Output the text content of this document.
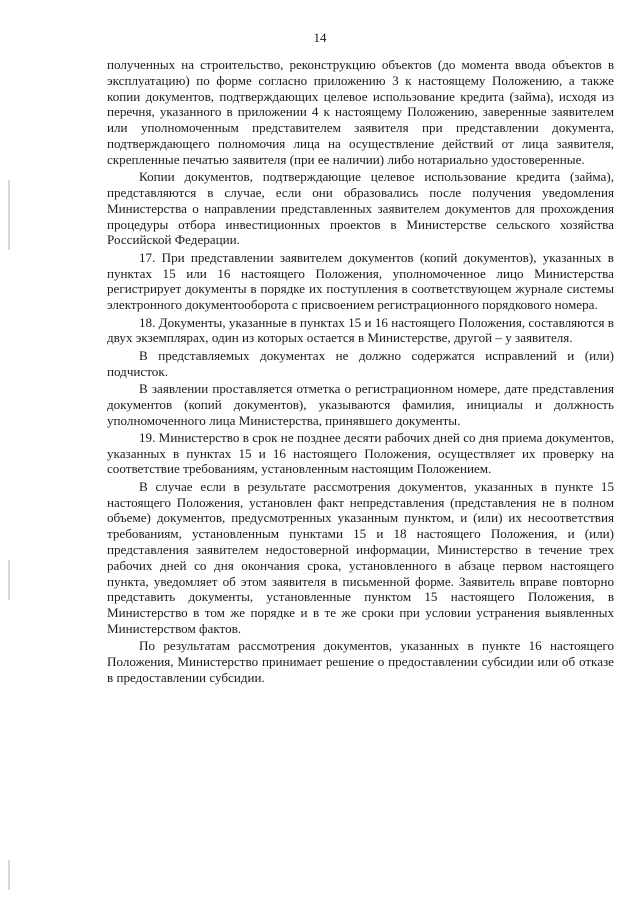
14

полученных на строительство, реконструкцию объектов (до момента ввода объектов в эксплуатацию) по форме согласно приложению 3 к настоящему Положению, а также копии документов, подтверждающих целевое использование кредита (займа), исходя из перечня, указанного в приложении 4 к настоящему Положению, заверенные заявителем или уполномоченным представителем заявителя при представлении документа, подтверждающего полномочия лица на осуществление действий от лица заявителя, скрепленные печатью заявителя (при ее наличии) либо нотариально удостоверенные.

Копии документов, подтверждающие целевое использование кредита (займа), представляются в случае, если они образовались после получения уведомления Министерства о направлении представленных заявителем документов для прохождения процедуры отбора инвестиционных проектов в Министерстве сельского хозяйства Российской Федерации.

17. При представлении заявителем документов (копий документов), указанных в пунктах 15 или 16 настоящего Положения, уполномоченное лицо Министерства регистрирует документы в порядке их поступления в соответствующем журнале системы электронного документооборота с присвоением регистрационного порядкового номера.

18. Документы, указанные в пунктах 15 и 16 настоящего Положения, составляются в двух экземплярах, один из которых остается в Министерстве, другой – у заявителя.

В представляемых документах не должно содержатся исправлений и (или) подчисток.

В заявлении проставляется отметка о регистрационном номере, дате представления документов (копий документов), указываются фамилия, инициалы и должность уполномоченного лица Министерства, принявшего документы.

19. Министерство в срок не позднее десяти рабочих дней со дня приема документов, указанных в пунктах 15 и 16 настоящего Положения, осуществляет их проверку на соответствие требованиям, установленным настоящим Положением.

В случае если в результате рассмотрения документов, указанных в пункте 15 настоящего Положения, установлен факт непредставления (представления не в полном объеме) документов, предусмотренных указанным пунктом, и (или) их несоответствия требованиям, установленным пунктами 15 и 18 настоящего Положения, и (или) представления заявителем недостоверной информации, Министерство в течение трех рабочих дней со дня окончания срока, установленного в абзаце первом настоящего пункта, уведомляет об этом заявителя в письменной форме. Заявитель вправе повторно представить документы, установленные пунктом 15 настоящего Положения, в Министерство в том же порядке и в те же сроки при условии устранения выявленных Министерством фактов.

По результатам рассмотрения документов, указанных в пункте 16 настоящего Положения, Министерство принимает решение о предоставлении субсидии или об отказе в предоставлении субсидии.
